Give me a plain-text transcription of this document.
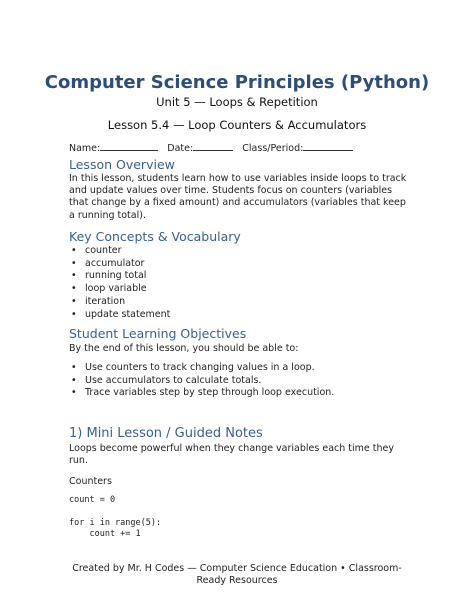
Computer Science Principles (Python)
Unit 5 — Loops & Repetition
Lesson 5.4 — Loop Counters & Accumulators
Name:	Date:	Class/Period:
Lesson Overview
In this lesson, students learn how to use variables inside loops to track
and update values over time. Students focus on counters (variables
that change by a fixed amount) and accumulators (variables that keep
a running total).
Key Concepts & Vocabulary
• counter
• accumulator
• running total
• loop variable
• iteration
• update statement
Student Learning Objectives
By the end of this lesson, you should be able to:
• Use counters to track changing values in a loop.
• Use accumulators to calculate totals.
• Trace variables step by step through loop execution.
1) Mini Lesson / Guided Notes
Loops become powerful when they change variables each time they
run.
Counters
count = 0
for i in range(5):
count += 1
Created by Mr. H Codes — Computer Science Education • Classroom-
Ready Resources
